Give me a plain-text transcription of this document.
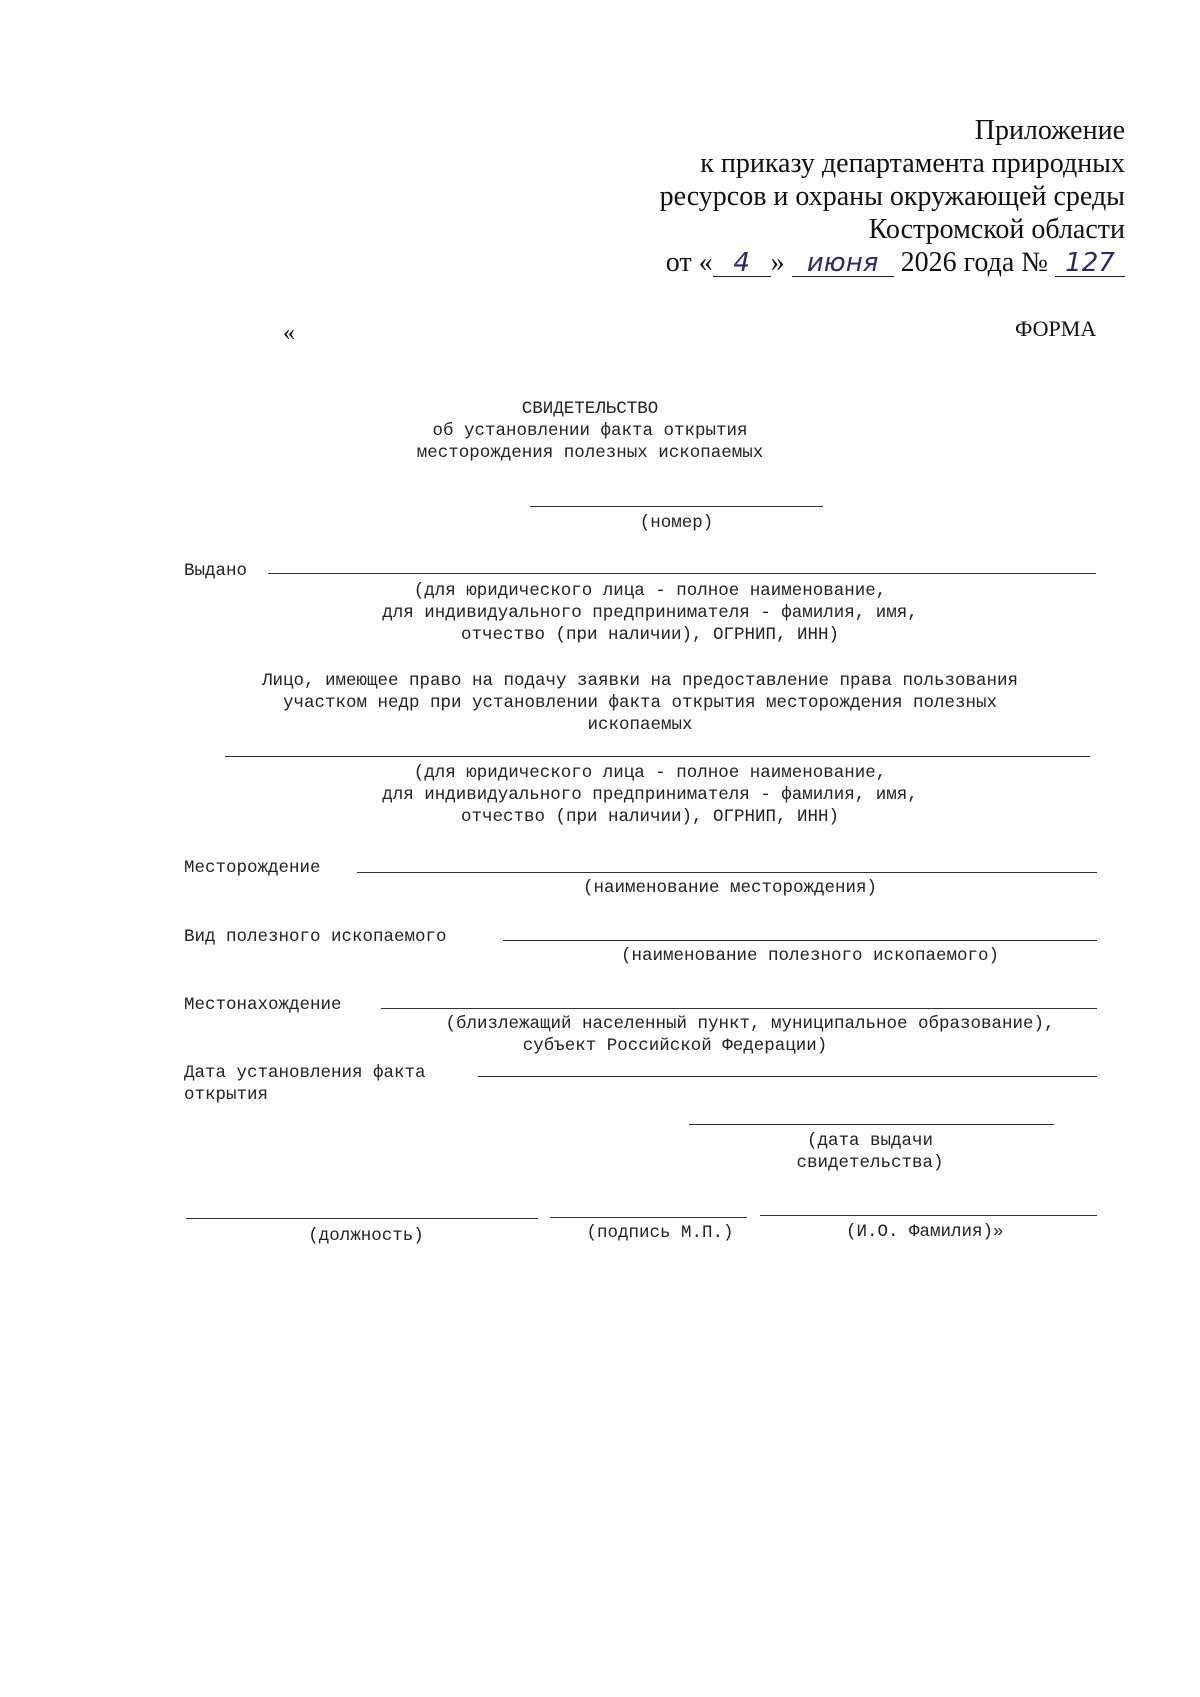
Приложение
к приказу департамента природных
ресурсов и охраны окружающей среды
Костромской области
от « 4 » июня 2026 года № 127
«	ФОРМА
СВИДЕТЕЛЬСТВО
об установлении факта открытия
месторождения полезных ископаемых
(номер)
Выдано
(для юридического лица - полное наименование,
для индивидуального предпринимателя - фамилия, имя,
отчество (при наличии), ОГРНИП, ИНН)
Лицо, имеющее право на подачу заявки на предоставление права пользования
участком недр при установлении факта открытия месторождения полезных
ископаемых
(для юридического лица - полное наименование,
для индивидуального предпринимателя - фамилия, имя,
отчество (при наличии), ОГРНИП, ИНН)
Месторождение
(наименование месторождения)
Вид полезного ископаемого
(наименование полезного ископаемого)
Местонахождение
(близлежащий населенный пункт, муниципальное образование),
субъект Российской Федерации)
Дата установления факта
открытия
(дата выдачи
свидетельства)
(должность)	(подпись М.П.)	(И.О. Фамилия)»
